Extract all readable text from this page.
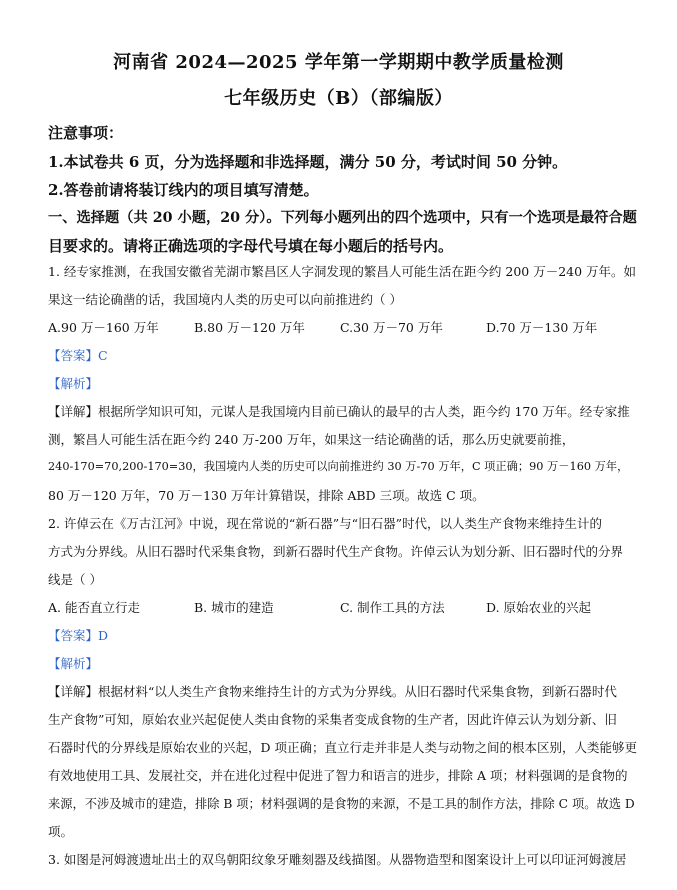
河南省 2024—2025 学年第一学期期中教学质量检测
七年级历史（B）（部编版）
注意事项：
1.本试卷共 6 页，分为选择题和非选择题，满分 50 分，考试时间 50 分钟。
2.答卷前请将装订线内的项目填写清楚。
一、选择题（共 20 小题，20 分）。下列每小题列出的四个选项中，只有一个选项是最符合题
目要求的。请将正确选项的字母代号填在每小题后的括号内。
1. 经专家推测，在我国安徽省芜湖市繁昌区人字洞发现的繁昌人可能生活在距今约 200 万－240 万年。如
果这一结论确凿的话，我国境内人类的历史可以向前推进约（ ）
A.90 万－160 万年	B.80 万－120 万年	C.30 万－70 万年	D.70 万－130 万年
【答案】C
【解析】
【详解】根据所学知识可知，元谋人是我国境内目前已确认的最早的古人类，距今约 170 万年。经专家推
测，繁昌人可能生活在距今约 240 万-200 万年，如果这一结论确凿的话，那么历史就要前推，
240-170=70,200-170=30，我国境内人类的历史可以向前推进约 30 万-70 万年，C 项正确；90 万－160 万年，
80 万－120 万年，70 万－130 万年计算错误，排除 ABD 三项。故选 C 项。
2. 许倬云在《万古江河》中说，现在常说的“新石器”与“旧石器”时代，以人类生产食物来维持生计的
方式为分界线。从旧石器时代采集食物，到新石器时代生产食物。许倬云认为划分新、旧石器时代的分界
线是（ ）
A. 能否直立行走	B. 城市的建造	C. 制作工具的方法	D. 原始农业的兴起
【答案】D
【解析】
【详解】根据材料“以人类生产食物来维持生计的方式为分界线。从旧石器时代采集食物，到新石器时代
生产食物”可知，原始农业兴起促使人类由食物的采集者变成食物的生产者，因此许倬云认为划分新、旧
石器时代的分界线是原始农业的兴起，D 项正确；直立行走并非是人类与动物之间的根本区别，人类能够更
有效地使用工具、发展社交，并在进化过程中促进了智力和语言的进步，排除 A 项；材料强调的是食物的
来源，不涉及城市的建造，排除 B 项；材料强调的是食物的来源，不是工具的制作方法，排除 C 项。故选 D
项。
3. 如图是河姆渡遗址出土的双鸟朝阳纹象牙雕刻器及线描图。从器物造型和图案设计上可以印证河姆渡居
